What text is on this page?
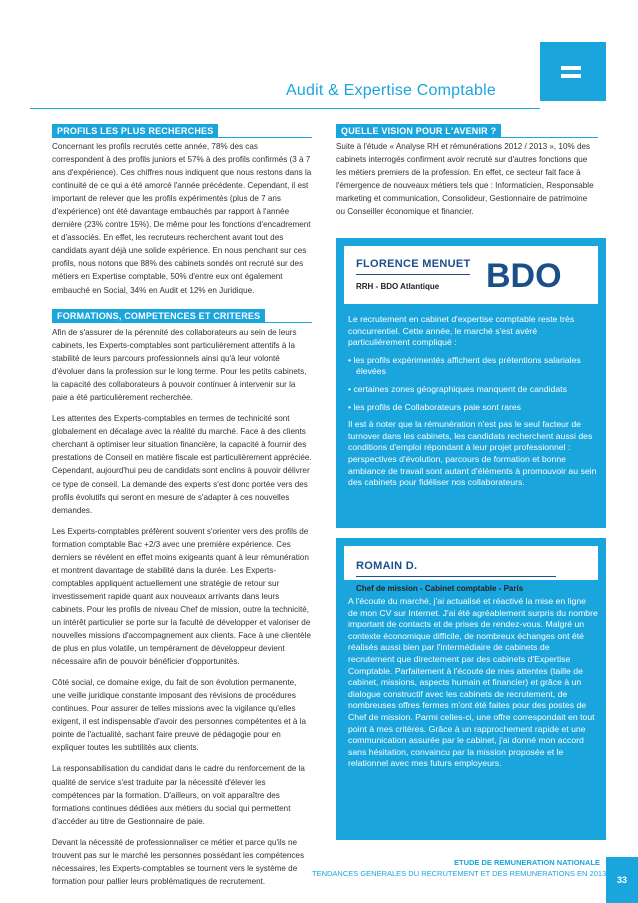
Audit & Expertise Comptable
PROFILS LES PLUS RECHERCHES

Concernant les profils recrutés cette année, 78% des cas correspondent à des profils juniors et 57% à des profils confirmés (3 à 7 ans d'expérience). Ces chiffres nous indiquent que nous restons dans la continuité de ce qui a été amorcé l'année précédente. Cependant, il est important de relever que les profils expérimentés (plus de 7 ans d'expérience) ont été davantage embauchés par rapport à l'année dernière (23% contre 15%). De même pour les fonctions d'encadrement et d'associés. En effet, les recruteurs recherchent avant tout des candidats ayant déjà une solide expérience. En nous penchant sur ces profils, nous notons que 88% des cabinets sondés ont recruté sur des métiers en Expertise comptable, 50% d'entre eux ont également embauché en Social, 34% en Audit et 12% en Juridique.

FORMATIONS, COMPETENCES ET CRITERES

Afin de s'assurer de la pérennité des collaborateurs au sein de leurs cabinets, les Experts-comptables sont particulièrement attentifs à la stabilité de leurs parcours professionnels ainsi qu'à leur volonté d'évoluer dans la profession sur le long terme. Pour les petits cabinets, la capacité des collaborateurs à pouvoir continuer à intervenir sur la paie a été particulièrement recherchée.

Les attentes des Experts-comptables en termes de technicité sont globalement en décalage avec la réalité du marché. Face à des clients cherchant à optimiser leur situation financière, la capacité à fournir des prestations de Conseil en matière fiscale est particulièrement appréciée. Cependant, aujourd'hui peu de candidats sont enclins à pouvoir délivrer ce type de conseil. La demande des experts s'est donc portée vers des profils évolutifs qui seront en mesure de s'adapter à ces nouvelles demandes.

Les Experts-comptables préfèrent souvent s'orienter vers des profils de formation comptable Bac +2/3 avec une première expérience. Ces derniers se révèlent en effet moins exigeants quant à leur rémunération et montrent davantage de stabilité dans la durée. Les Experts-comptables appliquent actuellement une stratégie de retour sur investissement rapide quant aux nouveaux arrivants dans leurs cabinets. Pour les profils de niveau Chef de mission, outre la technicité, un intérêt particulier se porte sur la faculté de développer et valoriser de nouvelles missions d'accompagnement aux clients. Face à une clientèle de plus en plus volatile, un tempérament de développeur devient nécessaire afin de pouvoir bénéficier d'opportunités.

Côté social, ce domaine exige, du fait de son évolution permanente, une veille juridique constante imposant des révisions de procédures continues. Pour assurer de telles missions avec la vigilance qu'elles exigent, il est indispensable d'avoir des personnes compétentes et à la pointe de l'actualité, sachant faire preuve de pédagogie pour en expliquer toutes les subtilités aux clients.

La responsabilisation du candidat dans le cadre du renforcement de la qualité de service s'est traduite par la nécessité d'élever les compétences par la formation. D'ailleurs, on voit apparaître des formations continues dédiées aux métiers du social qui permettent d'accéder au titre de Gestionnaire de paie.

Devant la nécessité de professionnaliser ce métier et parce qu'ils ne trouvent pas sur le marché les personnes possédant les compétences nécessaires, les Experts-comptables se tournent vers le système de formation pour pallier leurs problématiques de recrutement.

QUELLE VISION POUR L'AVENIR ?
Suite à l'étude « Analyse RH et rémunérations 2012 / 2013 », 10% des cabinets interrogés confirment avoir recruté sur d'autres fonctions que les métiers premiers de la profession. En effet, ce secteur fait face à l'émergence de nouveaux métiers tels que : Informaticien, Responsable marketing et communication, Consolideur, Gestionnaire de patrimoine ou Conseiller économique et financier.
FLORENCE MENUET
RRH - BDO Atlantique BDO

Le recrutement en cabinet d'expertise comptable reste très concurrentiel. Cette année, le marché s'est avéré particulièrement compliqué :

• les profils expérimentés affichent des prétentions salariales élevées

• certaines zones géographiques manquent de candidats

• les profils de Collaborateurs paie sont rares

Il est à noter que la rémunération n'est pas le seul facteur de turnover dans les cabinets, les candidats recherchent aussi des conditions d'emploi répondant à leur projet professionnel : perspectives d'évolution, parcours de formation et bonne ambiance de travail sont autant d'éléments à promouvoir au sein des cabinets pour fidéliser nos collaborateurs.

ROMAIN D.
Chef de mission - Cabinet comptable - Paris

A l'écoute du marché, j'ai actualisé et réactivé la mise en ligne de mon CV sur Internet. J'ai été agréablement surpris du nombre important de contacts et de prises de rendez-vous. Malgré un contexte économique difficile, de nombreux échanges ont été réalisés aussi bien par l'intermédiaire de cabinets de recrutement que directement par des cabinets d'Expertise Comptable. Parfaitement à l'écoute de mes attentes (taille de cabinet, missions, aspects humain et financier) et grâce à un dialogue constructif avec les cabinets de recrutement, de nombreuses offres fermes m'ont été faites pour des postes de Chef de mission. Parmi celles-ci, une offre correspondait en tout point à mes critères. Grâce à un rapprochement rapide et une communication assurée par le cabinet, j'ai donné mon accord sans hésitation, convaincu par la mission proposée et le relationnel avec mes futurs employeurs.

ETUDE DE REMUNERATION NATIONALE
TENDANCES GENERALES DU RECRUTEMENT ET DES REMUNERATIONS EN 2013
33
